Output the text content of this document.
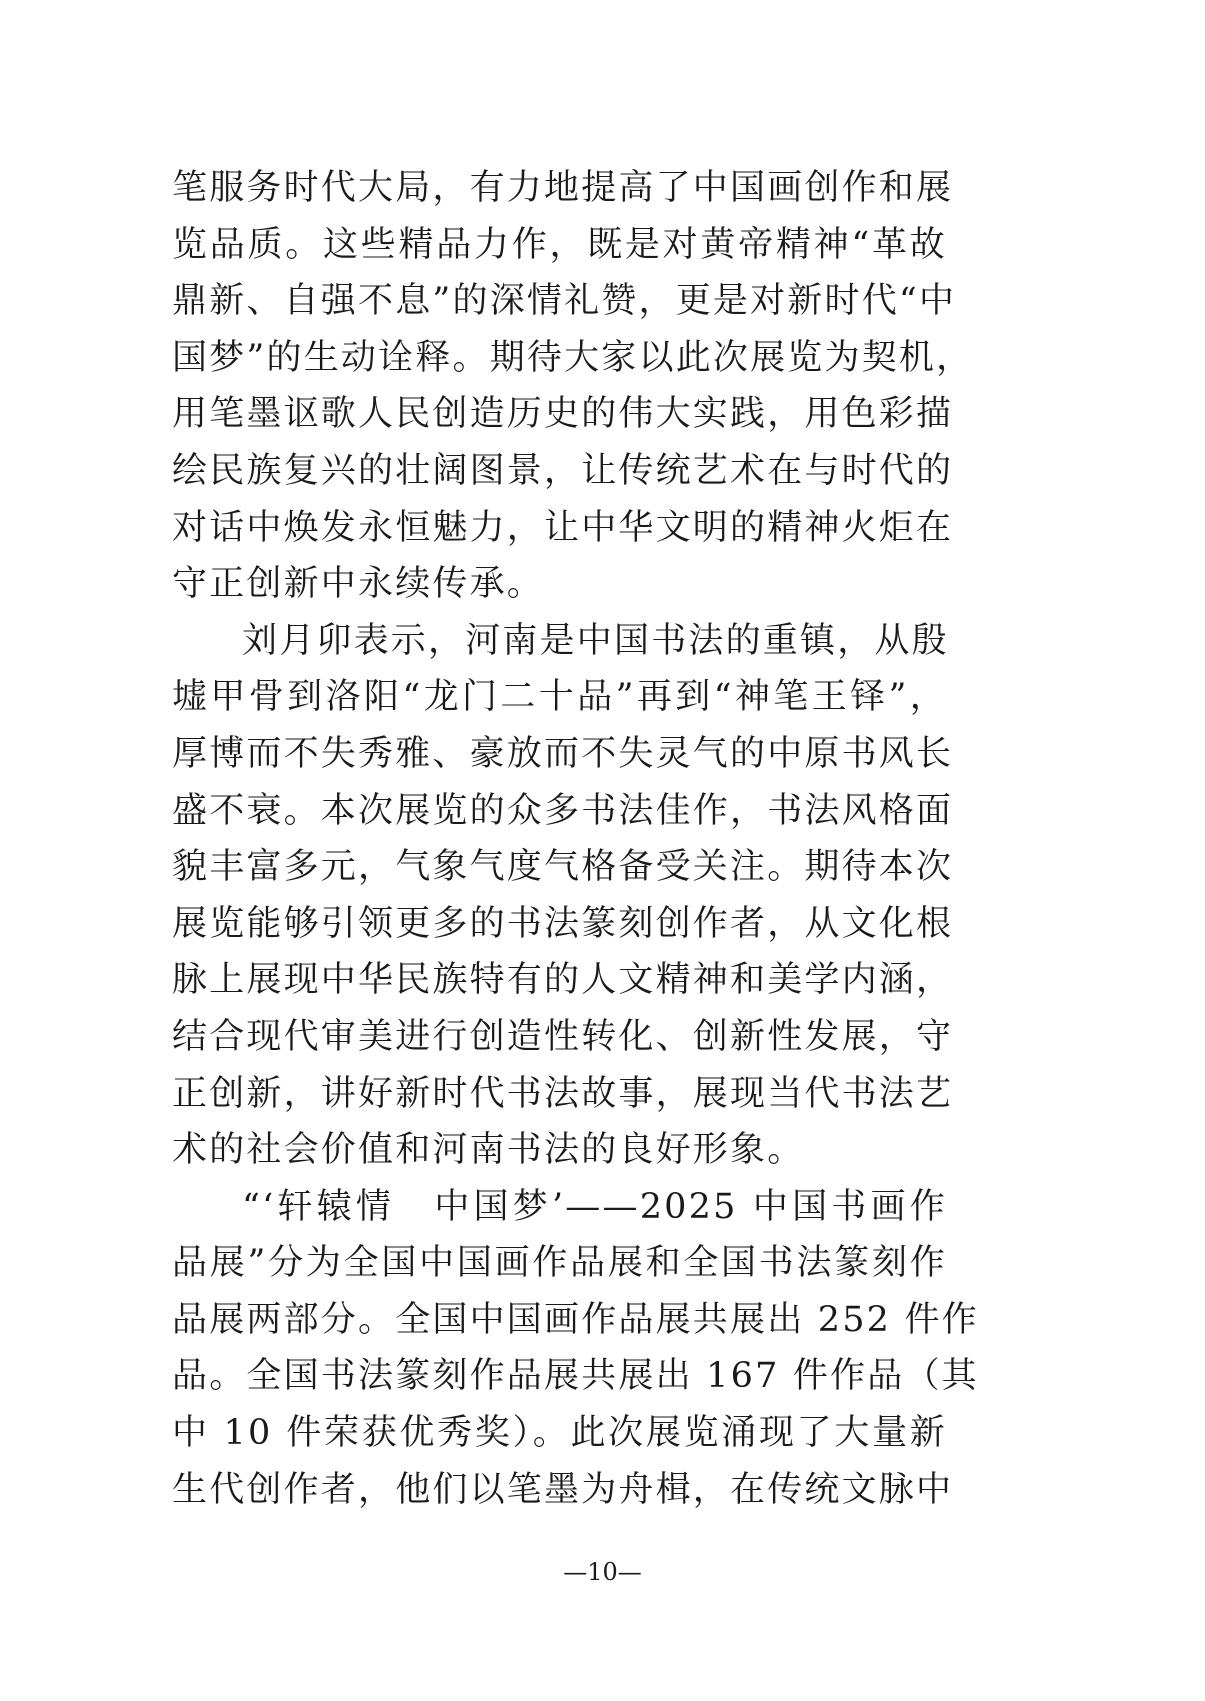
笔服务时代大局，有力地提高了中国画创作和展
览品质。这些精品力作，既是对黄帝精神“革故
鼎新、自强不息”的深情礼赞，更是对新时代“中
国梦”的生动诠释。期待大家以此次展览为契机，
用笔墨讴歌人民创造历史的伟大实践，用色彩描
绘民族复兴的壮阔图景，让传统艺术在与时代的
对话中焕发永恒魅力，让中华文明的精神火炬在
守正创新中永续传承。
刘月卯表示，河南是中国书法的重镇，从殷
墟甲骨到洛阳“龙门二十品”再到“神笔王铎”，
厚博而不失秀雅、豪放而不失灵气的中原书风长
盛不衰。本次展览的众多书法佳作，书法风格面
貌丰富多元，气象气度气格备受关注。期待本次
展览能够引领更多的书法篆刻创作者，从文化根
脉上展现中华民族特有的人文精神和美学内涵，
结合现代审美进行创造性转化、创新性发展，守
正创新，讲好新时代书法故事，展现当代书法艺
术的社会价值和河南书法的良好形象。
“‘轩辕情　中国梦’——2025 中国书画作
品展”分为全国中国画作品展和全国书法篆刻作
品展两部分。全国中国画作品展共展出 252 件作
品。全国书法篆刻作品展共展出 167 件作品（其
中 10 件荣获优秀奖）。此次展览涌现了大量新
生代创作者，他们以笔墨为舟楫，在传统文脉中
—10—
